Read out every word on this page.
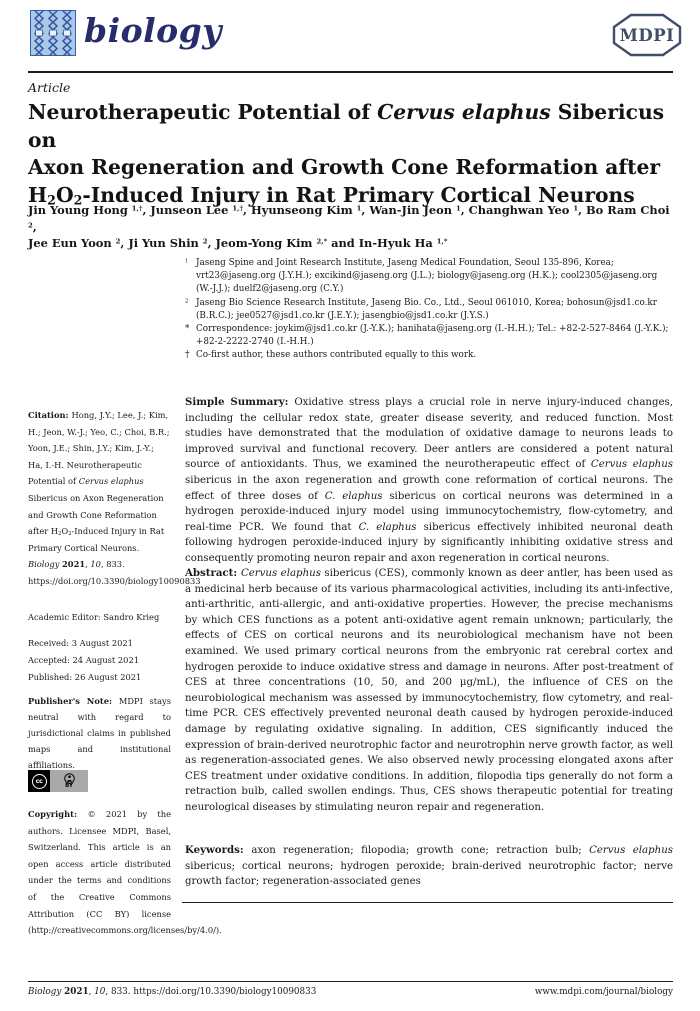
biology	MDPI
Article
Neurotherapeutic Potential of Cervus elaphus Sibericus on
Axon Regeneration and Growth Cone Reformation after
$H_2O_2$-Induced Injury in Rat Primary Cortical Neurons
Jin Young Hong $^{1,\dagger}$, Junseon Lee $^{1,\dagger}$, Hyunseong Kim $^1$, Wan-Jin Jeon $^1$, Changhwan Yeo $^1$, Bo Ram Choi $^2$,
Jee Eun Yoon $^2$, Ji Yun Shin $^2$, Jeom-Yong Kim $^{2,*}$ and In-Hyuk Ha $^{1,*}$
$^1$ Jaseng Spine and Joint Research Institute, Jaseng Medical Foundation, Seoul 135-896, Korea; vrt23@jaseng.org (J.Y.H.); excikind@jaseng.org (J.L.); biology@jaseng.org (H.K.); cool2305@jaseng.org (W.-J.J.); duelf2@jaseng.org (C.Y.)
$^2$ Jaseng Bio Science Research Institute, Jaseng Bio. Co., Ltd., Seoul 061010, Korea; bohosun@jsd1.co.kr (B.R.C.); jee0527@jsd1.co.kr (J.E.Y.); jasengbio@jsd1.co.kr (J.Y.S.)
* Correspondence: joykim@jsd1.co.kr (J.-Y.K.); hanihata@jaseng.org (I.-H.H.); Tel.: +82-2-527-8464 (J.-Y.K.); +82-2-2222-2740 (I.-H.H.)
† Co-first author, these authors contributed equally to this work.
Citation: Hong, J.Y.; Lee, J.; Kim, H.; Jeon, W.-J.; Yeo, C.; Choi, B.R.; Yoon, J.E.; Shin, J.Y.; Kim, J.-Y.; Ha, I.-H. Neurotherapeutic Potential of Cervus elaphus Sibericus on Axon Regeneration and Growth Cone Reformation after $H_2O_2$-Induced Injury in Rat Primary Cortical Neurons. Biology 2021, 10, 833. https://doi.org/10.3390/biology10090833
Academic Editor: Sandro Krieg
Received: 3 August 2021
Accepted: 24 August 2021
Published: 26 August 2021
Publisher's Note: MDPI stays neutral with regard to jurisdictional claims in published maps and institutional affiliations.
cc
BY
Copyright: © 2021 by the authors. Licensee MDPI, Basel, Switzerland. This article is an open access article distributed under the terms and conditions of the Creative Commons Attribution (CC BY) license (http://creativecommons.org/licenses/by/4.0/).
Simple Summary: Oxidative stress plays a crucial role in nerve injury-induced changes, including the cellular redox state, greater disease severity, and reduced function. Most studies have demonstrated that the modulation of oxidative damage to neurons leads to improved survival and functional recovery. Deer antlers are considered a potent natural source of antioxidants. Thus, we examined the neurotherapeutic effect of Cervus elaphus sibericus in the axon regeneration and growth cone reformation of cortical neurons. The effect of three doses of C. elaphus sibericus on cortical neurons was determined in a hydrogen peroxide-induced injury model using immunocytochemistry, flow-cytometry, and real-time PCR. We found that C. elaphus sibericus effectively inhibited neuronal death following hydrogen peroxide-induced injury by significantly inhibiting oxidative stress and consequently promoting neuron repair and axon regeneration in cortical neurons.
Abstract: Cervus elaphus sibericus (CES), commonly known as deer antler, has been used as a medicinal herb because of its various pharmacological activities, including its anti-infective, anti-arthritic, anti-allergic, and anti-oxidative properties. However, the precise mechanisms by which CES functions as a potent anti-oxidative agent remain unknown; particularly, the effects of CES on cortical neurons and its neurobiological mechanism have not been examined. We used primary cortical neurons from the embryonic rat cerebral cortex and hydrogen peroxide to induce oxidative stress and damage in neurons. After post-treatment of CES at three concentrations (10, 50, and 200 μg/mL), the influence of CES on the neurobiological mechanism was assessed by immunocytochemistry, flow cytometry, and real-time PCR. CES effectively prevented neuronal death caused by hydrogen peroxide-induced damage by regulating oxidative signaling. In addition, CES significantly induced the expression of brain-derived neurotrophic factor and neurotrophin nerve growth factor, as well as regeneration-associated genes. We also observed newly processing elongated axons after CES treatment under oxidative conditions. In addition, filopodia tips generally do not form a retraction bulb, called swollen endings. Thus, CES shows therapeutic potential for treating neurological diseases by stimulating neuron repair and regeneration.
Keywords: axon regeneration; filopodia; growth cone; retraction bulb; Cervus elaphus sibericus; cortical neurons; hydrogen peroxide; brain-derived neurotrophic factor; nerve growth factor; regeneration-associated genes
Biology 2021, 10, 833. https://doi.org/10.3390/biology10090833	www.mdpi.com/journal/biology
